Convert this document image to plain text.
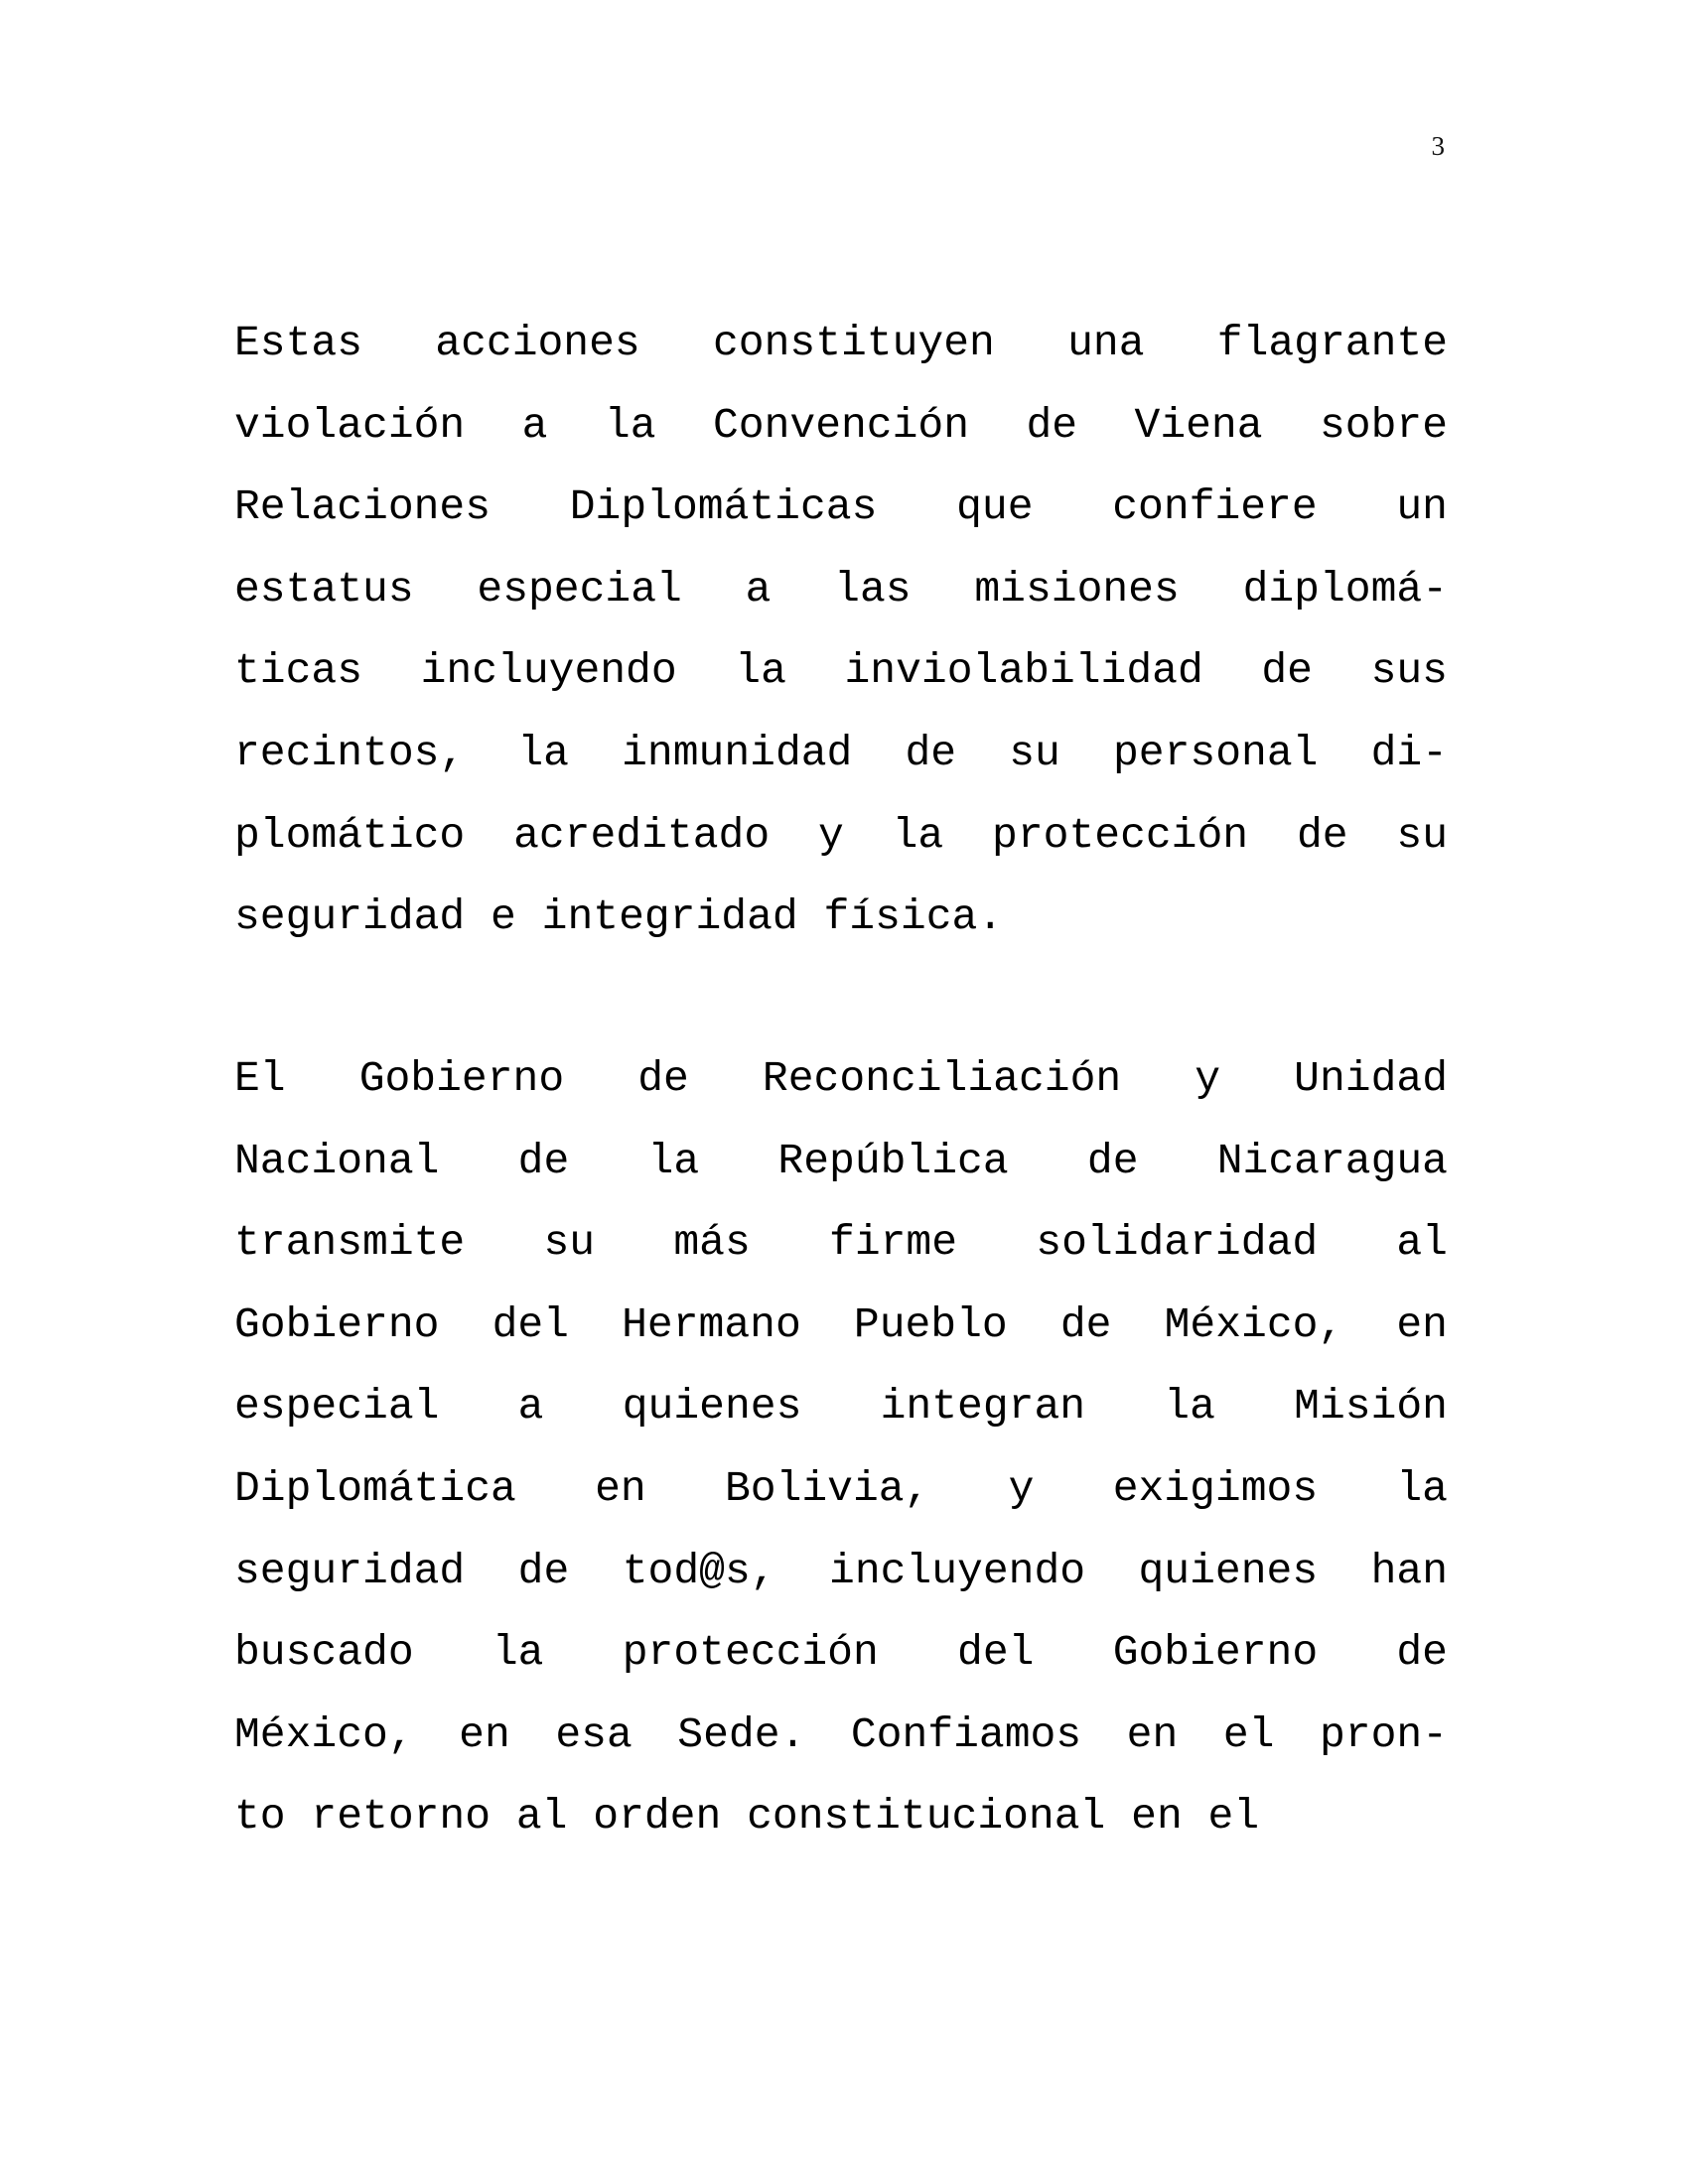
3
Estas acciones constituyen una flagrante
violación a la Convención de Viena sobre
Relaciones Diplomáticas que confiere un
estatus especial a las misiones diplomá-
ticas incluyendo la inviolabilidad de sus
recintos, la inmunidad de su personal di-
plomático acreditado y la protección de su
seguridad e integridad física.
El Gobierno de Reconciliación y Unidad
Nacional de la República de Nicaragua
transmite su más firme solidaridad al
Gobierno del Hermano Pueblo de México, en
especial a quienes integran la Misión
Diplomática en Bolivia, y exigimos la
seguridad de tod@s, incluyendo quienes han
buscado la protección del Gobierno de
México, en esa Sede. Confiamos en el pron-
to retorno al orden constitucional en el
